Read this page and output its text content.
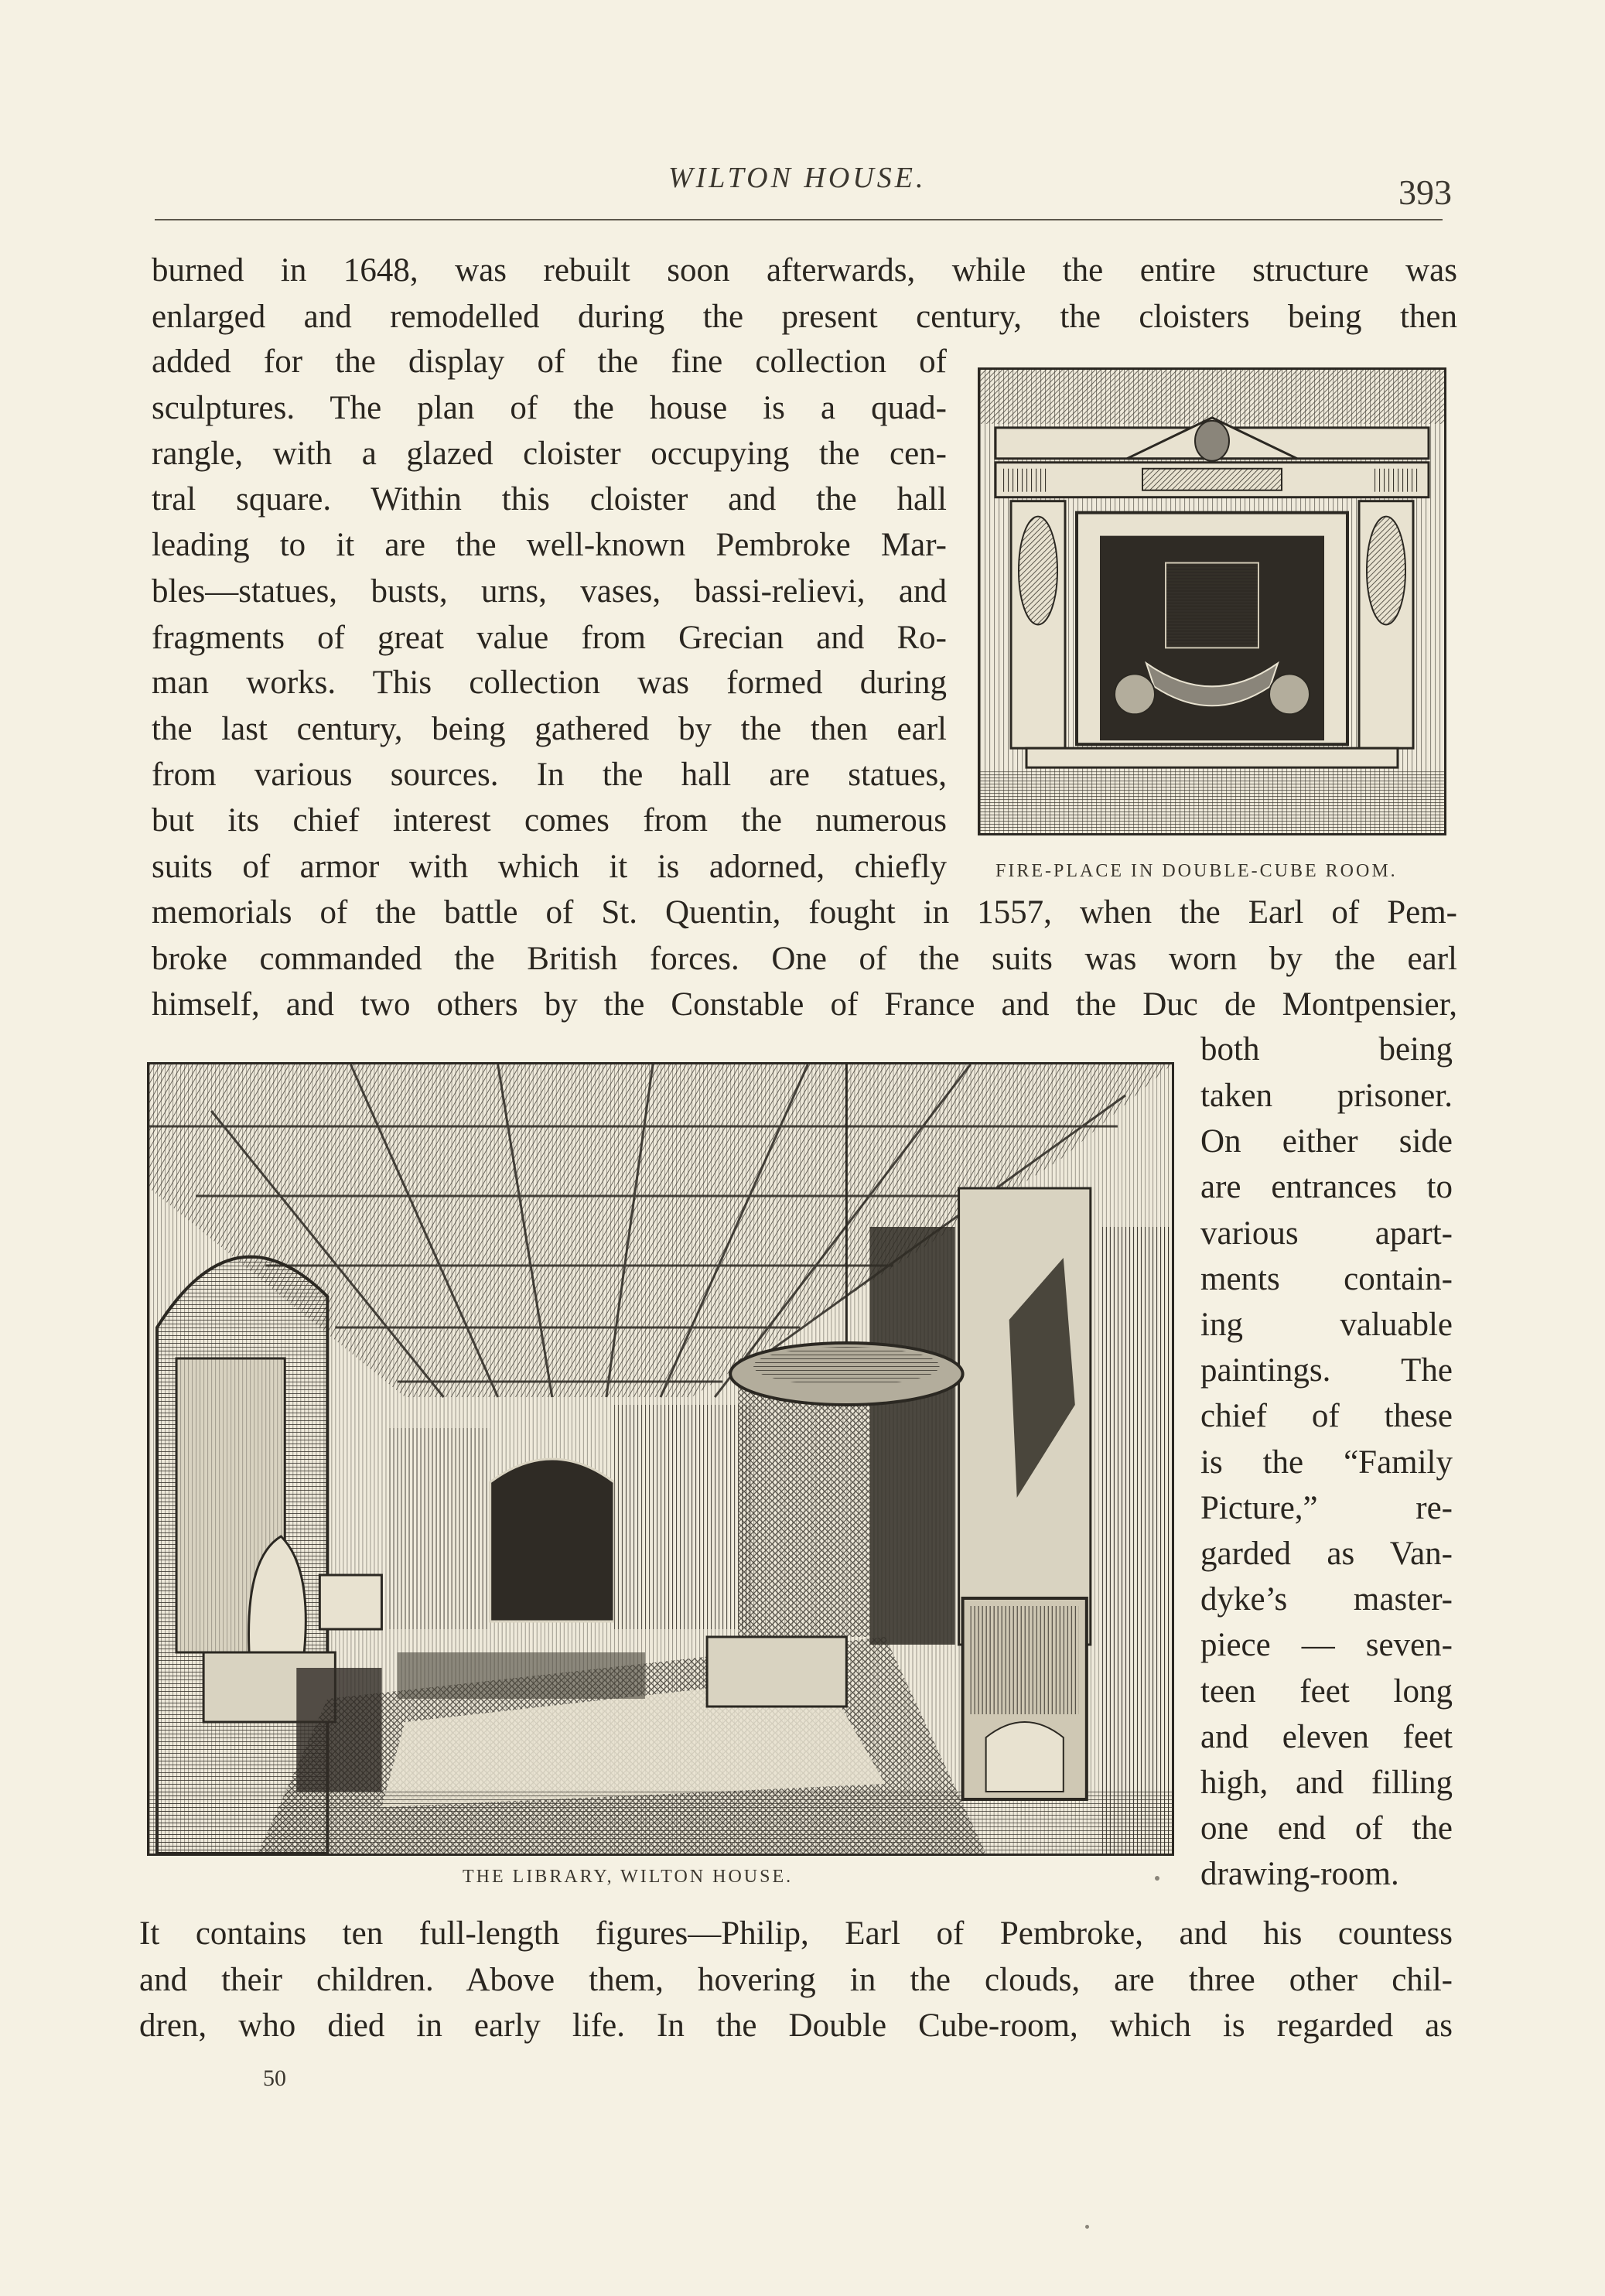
WILTON HOUSE.	393

burned in 1648, was rebuilt soon afterwards, while the entire structure was

enlarged and remodelled during the present century, the cloisters being then

added for the display of the fine collection of

sculptures. The plan of the house is a quad-

rangle, with a glazed cloister occupying the cen-

tral square. Within this cloister and the hall

leading to it are the well-known Pembroke Mar-

bles—statues, busts, urns, vases, bassi-relievi, and

fragments of great value from Grecian and Ro-

man works. This collection was formed during

the last century, being gathered by the then earl

from various sources. In the hall are statues,

but its chief interest comes from the numerous

suits of armor with which it is adorned, chiefly	FIRE-PLACE IN DOUBLE-CUBE ROOM.

memorials of the battle of St. Quentin, fought in 1557, when the Earl of Pem-

broke commanded the British forces. One of the suits was worn by the earl

himself, and two others by the Constable of France and the Duc de Montpensier,

both being

taken prisoner.

On either side

are entrances to

various apart-

ments contain-

ing valuable

paintings. The

chief of these

is the “Family

Picture,” re-

garded as Van-

dyke’s master-

piece — seven-

teen feet long

and eleven feet

high, and filling

one end of the

drawing-room.

THE LIBRARY, WILTON HOUSE.

It contains ten full-length figures—Philip, Earl of Pembroke, and his countess

and their children. Above them, hovering in the clouds, are three other chil-

dren, who died in early life. In the Double Cube-room, which is regarded as

50
